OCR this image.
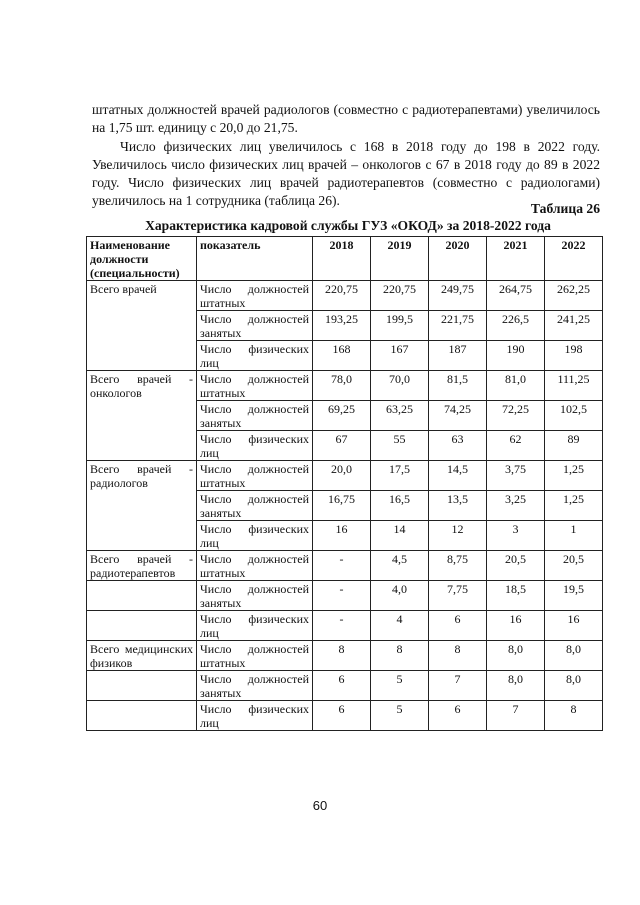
штатных должностей врачей радиологов (совместно с радиотерапевтами) увеличилось на 1,75 шт. единицу с 20,0 до 21,75.

Число физических лиц увеличилось с 168 в 2018 году до 198 в 2022 году. Увеличилось число физических лиц врачей – онкологов с 67 в 2018 году до 89 в 2022 году. Число физических лиц врачей радиотерапевтов (совместно с радиологами) увеличилось на 1 сотрудника (таблица 26).

Таблица 26
Характеристика кадровой службы ГУЗ «ОКОД» за 2018-2022 года
Наименование должности (специальности)	показатель	2018	2019	2020	2021	2022
Всего врачей	Число должностей штатных	220,75	220,75	249,75	264,75	262,25
	Число должностей занятых	193,25	199,5	221,75	226,5	241,25
	Число физических лиц	168	167	187	190	198
Всего врачей - онкологов	Число должностей штатных	78,0	70,0	81,5	81,0	111,25
	Число должностей занятых	69,25	63,25	74,25	72,25	102,5
	Число физических лиц	67	55	63	62	89
Всего врачей - радиологов	Число должностей штатных	20,0	17,5	14,5	3,75	1,25
	Число должностей занятых	16,75	16,5	13,5	3,25	1,25
	Число физических лиц	16	14	12	3	1
Всего врачей - радиотерапевтов	Число должностей штатных	-	4,5	8,75	20,5	20,5
	Число должностей занятых	-	4,0	7,75	18,5	19,5
	Число физических лиц	-	4	6	16	16
Всего медицинских физиков	Число должностей штатных	8	8	8	8,0	8,0
	Число должностей занятых	6	5	7	8,0	8,0
	Число физических лиц	6	5	6	7	8
60
